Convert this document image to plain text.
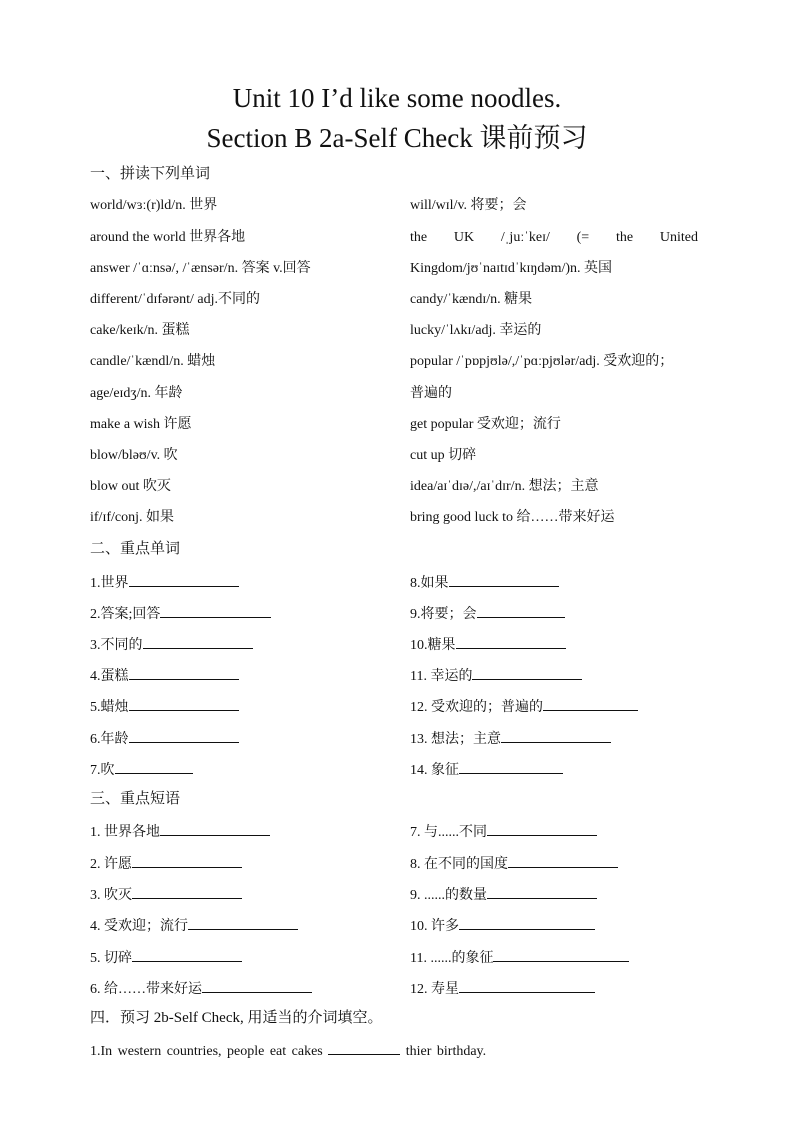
Unit 10 I’d like some noodles.
Section B 2a-Self Check 课前预习
一、拼读下列单词
world/wɜː(r)ld/n. 世界
around the world 世界各地
answer /ˈɑːnsə/, /ˈænsər/n. 答案 v.回答
different/ˈdɪfərənt/ adj.不同的
cake/keɪk/n. 蛋糕
candle/ˈkændl/n. 蜡烛
age/eɪdʒ/n. 年龄
make a wish 许愿
blow/bləʊ/v. 吹
blow out 吹灭
if/ɪf/conj. 如果
will/wɪl/v. 将要；会
the UK /ˌjuːˈkeɪ/ (= the United
Kingdom/jʊˈnaɪtɪdˈkɪŋdəm/)n. 英国
candy/ˈkændɪ/n. 糖果
lucky/ˈlʌkɪ/adj. 幸运的
popular /ˈpɒpjʊlə/,/ˈpɑːpjʊlər/adj. 受欢迎的；
普遍的
get popular 受欢迎；流行
cut up 切碎
idea/aɪˈdɪə/,/aɪˈdɪr/n. 想法；主意
bring good luck to 给……带来好运
二、重点单词
1.世界
2.答案;回答
3.不同的
4.蛋糕
5.蜡烛
6.年龄
7.吹
8.如果
9.将要；会
10.糖果
11. 幸运的
12. 受欢迎的；普遍的
13. 想法；主意
14. 象征
三、重点短语
1. 世界各地
2. 许愿
3. 吹灭
4. 受欢迎；流行
5. 切碎
6. 给……带来好运
7. 与......不同
8. 在不同的国度
9. ......的数量
10. 许多
11. ......的象征
12. 寿星
四．预习 2b-Self Check, 用适当的介词填空。
1.In western countries, people eat cakes	thier birthday.
